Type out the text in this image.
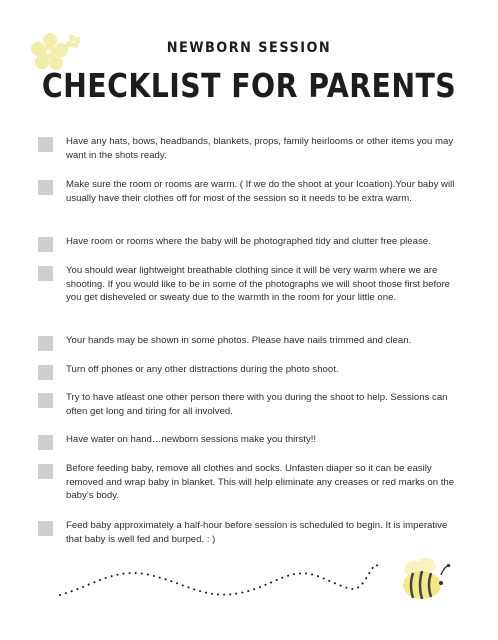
NEWBORN SESSION
CHECKLIST FOR PARENTS
Have any hats, bows, headbands, blankets, props, family heirlooms or other items you may want in the shots ready.
Make sure the room or rooms are warm. ( If we do the shoot at your Icoation).Your baby will usually have their clothes off for most of the session so it needs to be extra warm.
Have room or rooms where the baby will be photographed tidy and clutter free please.
You should wear lightweight breathable clothing since it will be very warm where we are shooting. If you would like to be in some of the photographs we will shoot those first before you get disheveled or sweaty due to the warmth in the room for your little one.
Your hands may be shown in some photos. Please have nails trimmed and clean.
Turn off phones or any other distractions during the photo shoot.
Try to have atleast one other person there with you during the shoot to help. Sessions can often get long and tiring for all involved.
Have water on hand…newborn sessions make you thirsty!!
Before feeding baby, remove all clothes and socks. Unfasten diaper so it can be easily removed and wrap baby in blanket. This will help eliminate any creases or red marks on the baby’s body.
Feed baby approximately a half-hour before session is scheduled to begin. It is imperative that baby is well fed and burped. : )
